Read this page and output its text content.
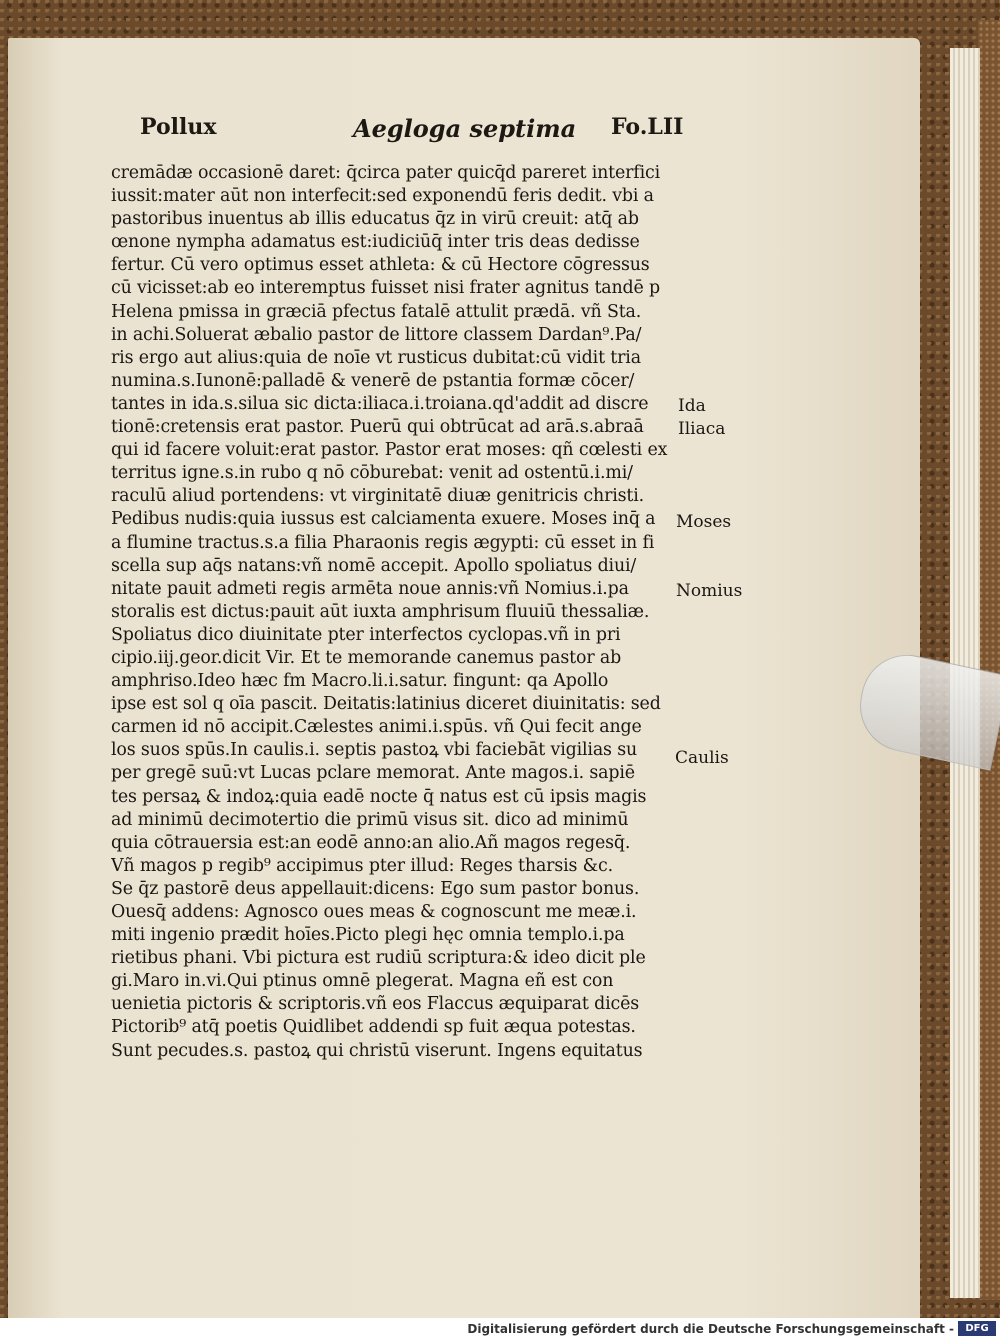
Pollux	Aegloga septima Fo.LII
cremādæ occasionē daret: q̄circa pater quicq̄d pareret interfici
iussit:mater aūt non interfecit:sed exponendū feris dedit. vbi a
pastoribus inuentus ab illis educatus q̄z in virū creuit: atq̄ ab
œnone nympha adamatus est:iudiciūq̄ inter tris deas dedisse
fertur. Cū vero optimus esset athleta: & cū Hectore cōgressus
cū vicisset:ab eo interemptus fuisset nisi frater agnitus tandē p
Helena pmissa in græciā pfectus fatalē attulit prædā. vñ Sta.
in achi.Soluerat æbalio pastor de littore classem Dardan⁹.Pa/
ris ergo aut alius:quia de noīe vt rusticus dubitat:cū vidit tria
numina.s.Iunonē:palladē & venerē de pstantia formæ cōcer/
tantes in ida.s.silua sic dicta:iliaca.i.troiana.qd'addit ad discre
tionē:cretensis erat pastor. Puerū qui obtrūcat ad arā.s.abraā
qui id facere voluit:erat pastor. Pastor erat moses: qñ cœlesti ex
territus igne.s.in rubo q nō cōburebat: venit ad ostentū.i.mi/
raculū aliud portendens: vt virginitatē diuæ genitricis christi.
Pedibus nudis:quia iussus est calciamenta exuere. Moses inq̄ a
a flumine tractus.s.a filia Pharaonis regis ægypti: cū esset in fi
scella sup aq̄s natans:vñ nomē accepit. Apollo spoliatus diui/
nitate pauit admeti regis armēta noue annis:vñ Nomius.i.pa
storalis est dictus:pauit aūt iuxta amphrisum fluuiū thessaliæ.
Spoliatus dico diuinitate pter interfectos cyclopas.vñ in pri
cipio.iij.geor.dicit Vir. Et te memorande canemus pastor ab
amphriso.Ideo hæc fm Macro.li.i.satur. fingunt: qa Apollo
ipse est sol q oīa pascit. Deitatis:latinius diceret diuinitatis: sed
carmen id nō accipit.Cælestes animi.i.spūs. vñ Qui fecit ange
los suos spūs.In caulis.i. septis pastoꝝ vbi faciebāt vigilias su
per gregē suū:vt Lucas pclare memorat. Ante magos.i. sapiē
tes persaꝝ & indoꝝ:quia eadē nocte q̄ natus est cū ipsis magis
ad minimū decimotertio die primū visus sit. dico ad minimū
quia cōtrauersia est:an eodē anno:an alio.Añ magos regesq̄.
Vñ magos p regib⁹ accipimus pter illud: Reges tharsis &c.
Se q̄z pastorē deus appellauit:dicens: Ego sum pastor bonus.
Ouesq̄ addens: Agnosco oues meas & cognoscunt me meæ.i.
miti ingenio prædit hoīes.Picto plegi hęc omnia templo.i.pa
rietibus phani. Vbi pictura est rudiū scriptura:& ideo dicit ple
gi.Maro in.vi.Qui ptinus omnē plegerat. Magna eñ est con
uenietia pictoris & scriptoris.vñ eos Flaccus æquiparat dicēs
Pictorib⁹ atq̄ poetis Quidlibet addendi sp fuit æqua potestas.
Sunt pecudes.s. pastoꝝ qui christū viserunt. Ingens equitatus
Ida
Iliaca
Moses
Nomius
Caulis
Digitalisierung gefördert durch die Deutsche Forschungsgemeinschaft -	DFG
